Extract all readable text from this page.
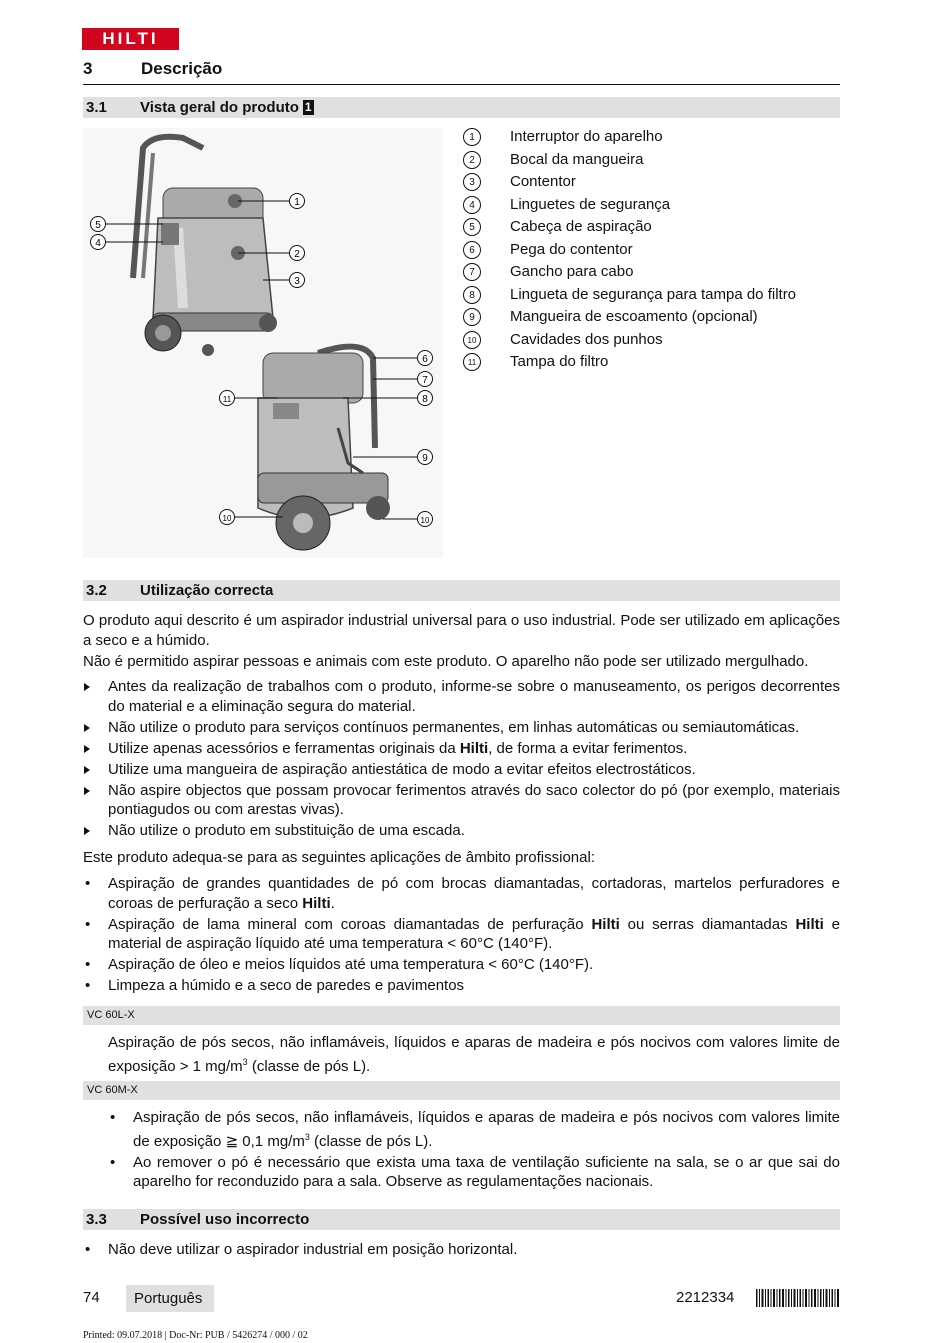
HILTI
3	Descrição
3.1 Vista geral do produto 1
1
2
3
4
5
6
7
8
9
10
11
10
1	Interruptor do aparelho
2	Bocal da mangueira
3	Contentor
4	Linguetes de segurança
5	Cabeça de aspiração
6	Pega do contentor
7	Gancho para cabo
8	Lingueta de segurança para tampa do filtro
9	Mangueira de escoamento (opcional)
10	Cavidades dos punhos
11	Tampa do filtro
3.2 Utilização correcta
O produto aqui descrito é um aspirador industrial universal para o uso industrial. Pode ser utilizado em aplicações a seco e a húmido.
Não é permitido aspirar pessoas e animais com este produto. O aparelho não pode ser utilizado mergulhado.
Antes da realização de trabalhos com o produto, informe-se sobre o manuseamento, os perigos decorrentes do material e a eliminação segura do material.
Não utilize o produto para serviços contínuos permanentes, em linhas automáticas ou semiautomáticas.
Utilize apenas acessórios e ferramentas originais da Hilti, de forma a evitar ferimentos.
Utilize uma mangueira de aspiração antiestática de modo a evitar efeitos electrostáticos.
Não aspire objectos que possam provocar ferimentos através do saco colector do pó (por exemplo, materiais pontiagudos ou com arestas vivas).
Não utilize o produto em substituição de uma escada.
Este produto adequa-se para as seguintes aplicações de âmbito profissional:
• Aspiração de grandes quantidades de pó com brocas diamantadas, cortadoras, martelos perfuradores e coroas de perfuração a seco Hilti.
• Aspiração de lama mineral com coroas diamantadas de perfuração Hilti ou serras diamantadas Hilti e material de aspiração líquido até uma temperatura < 60°C (140°F).
• Aspiração de óleo e meios líquidos até uma temperatura < 60°C (140°F).
• Limpeza a húmido e a seco de paredes e pavimentos
VC 60L-X
Aspiração de pós secos, não inflamáveis, líquidos e aparas de madeira e pós nocivos com valores limite de exposição > 1 $mg/m^3$ (classe de pós L).
VC 60M-X
• Aspiração de pós secos, não inflamáveis, líquidos e aparas de madeira e pós nocivos com valores limite de exposição ≧ 0,1 $mg/m^3$ (classe de pós L).
• Ao remover o pó é necessário que exista uma taxa de ventilação suficiente na sala, se o ar que sai do aparelho for reconduzido para a sala. Observe as regulamentações nacionais.
3.3 Possível uso incorrecto
• Não deve utilizar o aspirador industrial em posição horizontal.
74 Português	2212334
Printed: 09.07.2018 | Doc-Nr: PUB / 5426274 / 000 / 02
